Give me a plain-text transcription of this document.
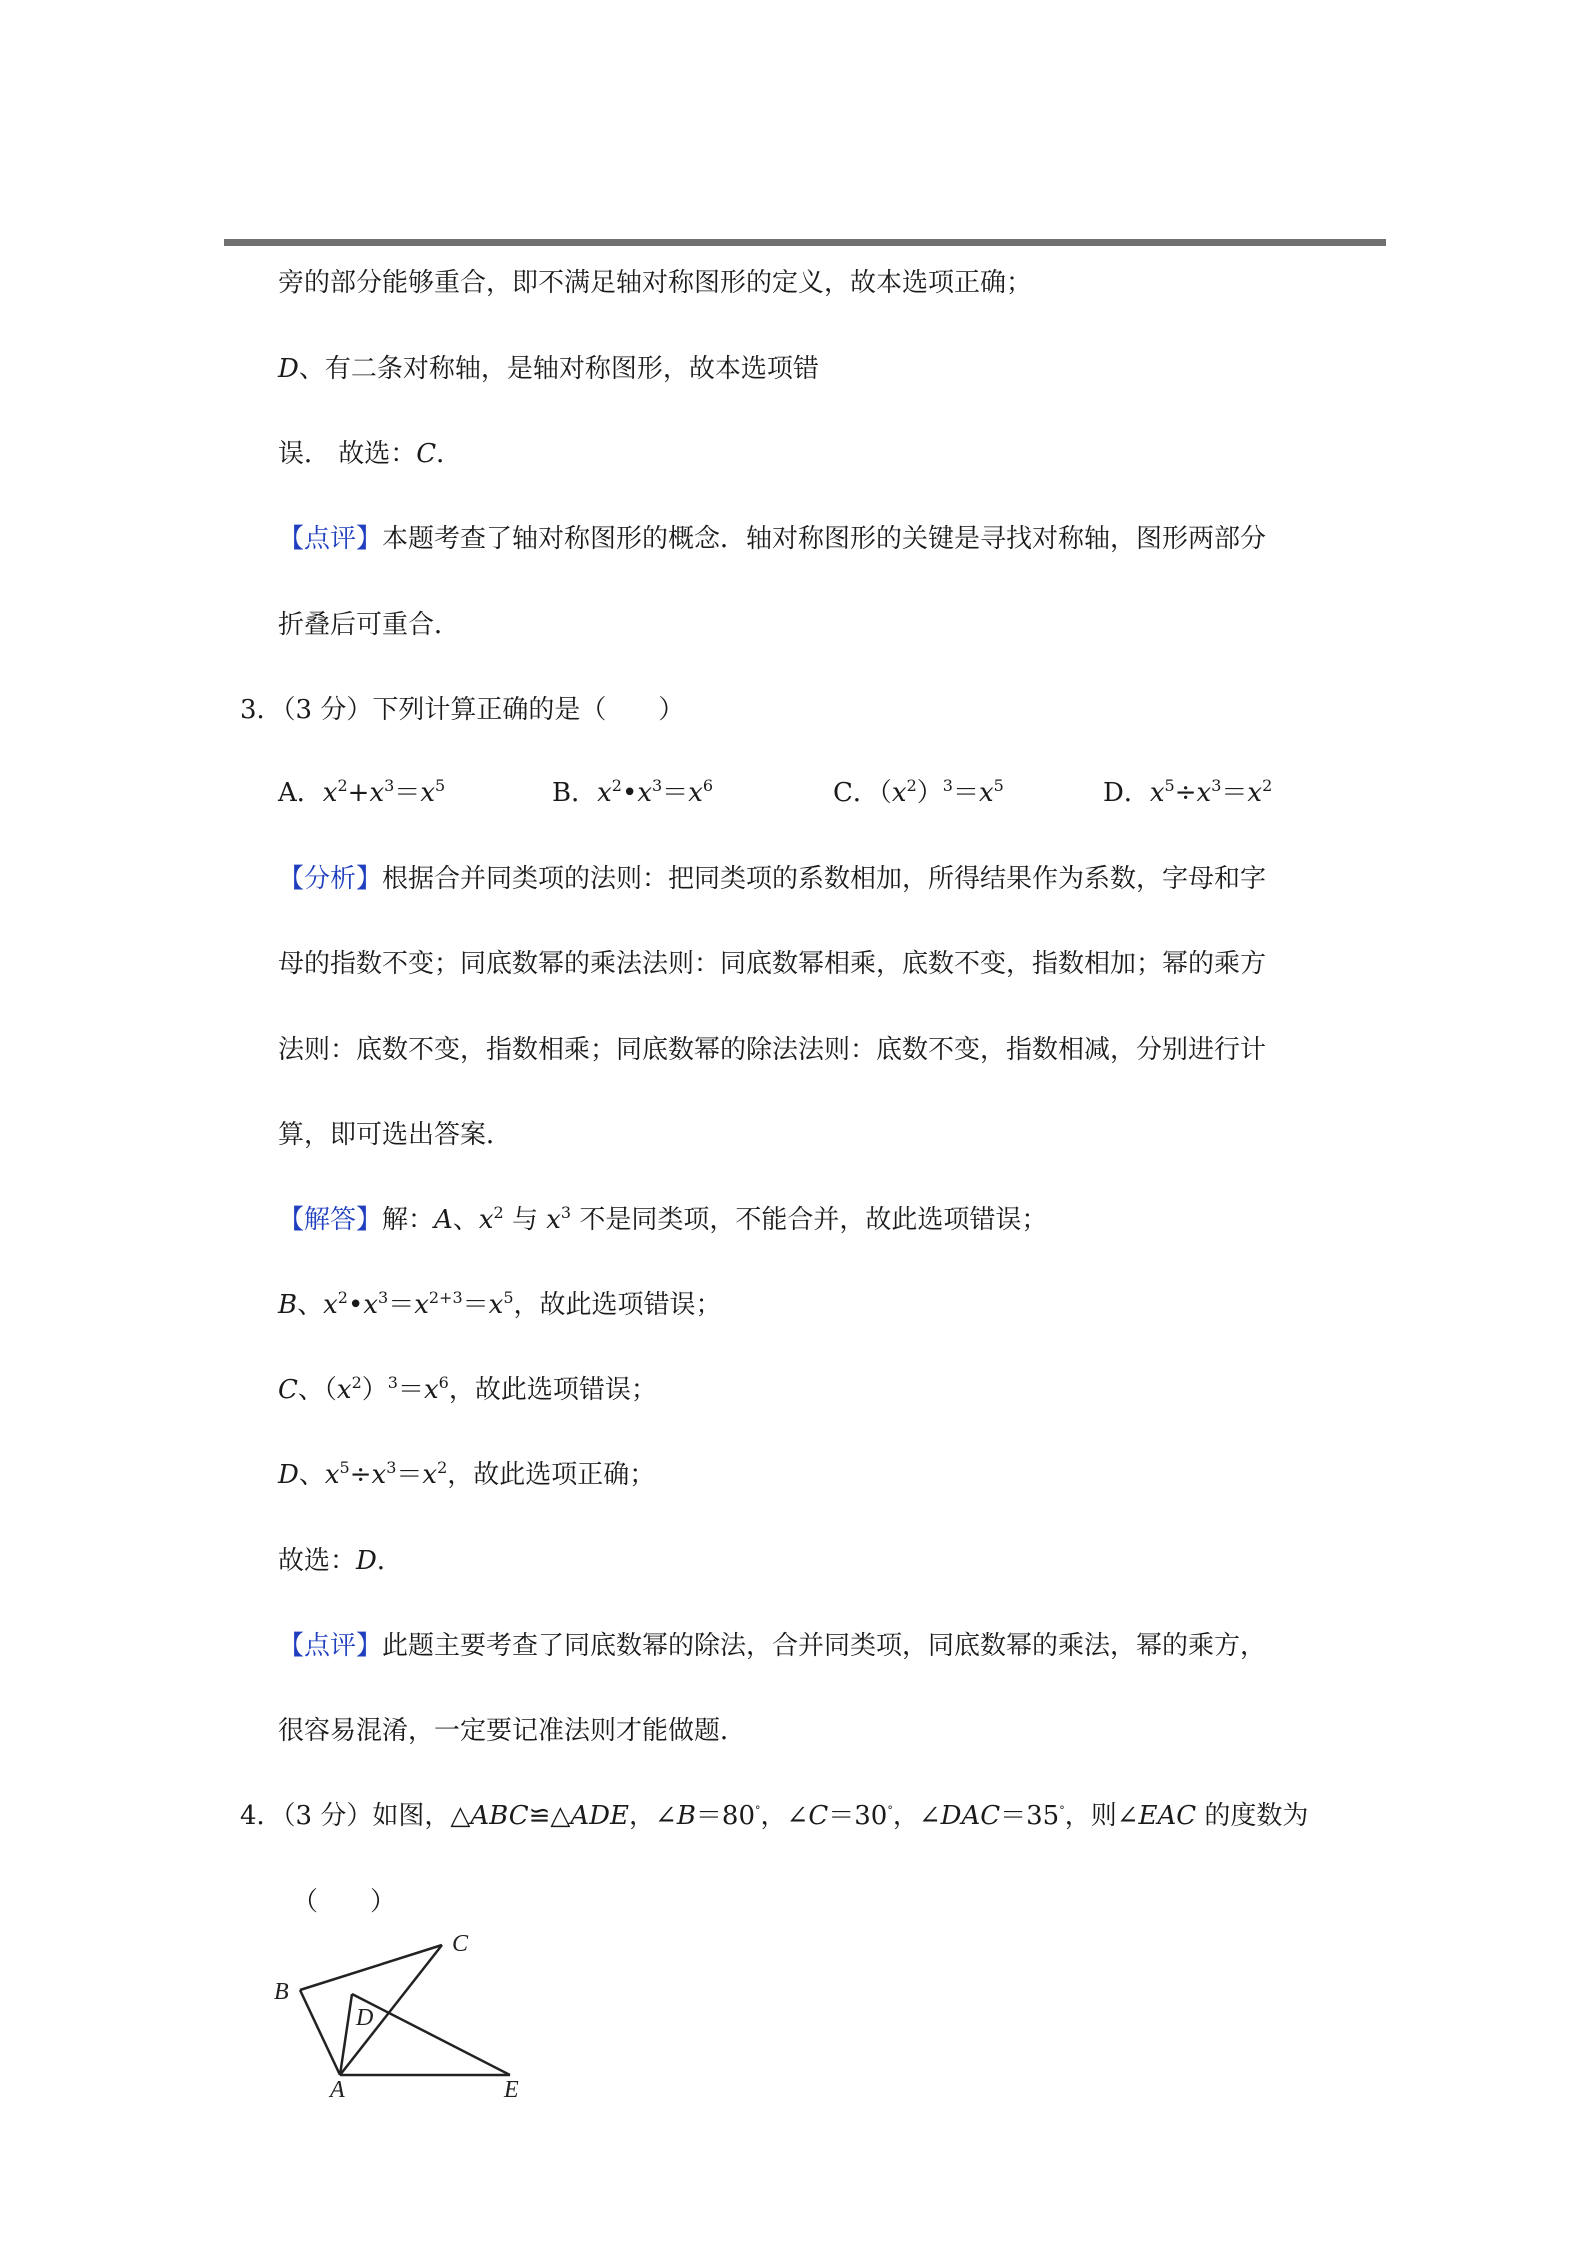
旁的部分能够重合，即不满足轴对称图形的定义，故本选项正确；
D、有二条对称轴，是轴对称图形，故本选项错
误． 故选：C．
【点评】本题考查了轴对称图形的概念．轴对称图形的关键是寻找对称轴，图形两部分
折叠后可重合．
3．（3 分）下列计算正确的是（　　）
A．$x^2+x^3=x^5$	B．$x^2•x^3=x^6$	C．$(x^2)^3=x^5$	D．$x^5\div x^3=x^2$
【分析】根据合并同类项的法则：把同类项的系数相加，所得结果作为系数，字母和字
母的指数不变；同底数幂的乘法法则：同底数幂相乘，底数不变，指数相加；幂的乘方
法则：底数不变，指数相乘；同底数幂的除法法则：底数不变，指数相减，分别进行计
算，即可选出答案．
【解答】解：A、$x^2$ 与 $x^3$ 不是同类项，不能合并，故此选项错误；
B、$x^2•x^3=x^{2+3}=x^5$，故此选项错误；
C、$(x^2)^3=x^6$，故此选项错误；
D、$x^5\div x^3=x^2$，故此选项正确；
故选：D．
【点评】此题主要考查了同底数幂的除法，合并同类项，同底数幂的乘法，幂的乘方，
很容易混淆，一定要记准法则才能做题．
4．（3 分）如图，△ABC≌△ADE，∠B＝80°，∠C＝30°，∠DAC＝35°，则∠EAC 的度数为
（　　）
B
C
D
A	E
